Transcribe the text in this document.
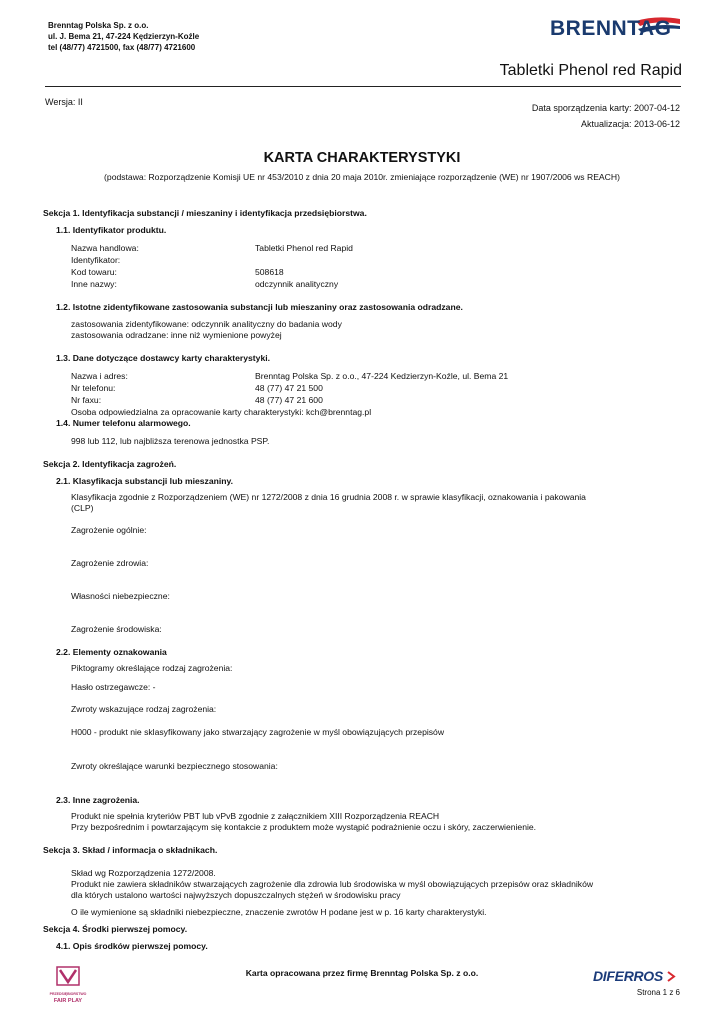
Brenntag Polska Sp. z o.o.
ul. J. Bema 21, 47-224 Kędzierzyn-Koźle
tel (48/77) 4721500, fax (48/77) 4721600
BRENNTAG
Tabletki Phenol red Rapid
Wersja: II
Data sporządzenia karty: 2007-04-12
Aktualizacja: 2013-06-12
KARTA CHARAKTERYSTYKI
(podstawa: Rozporządzenie Komisji UE nr 453/2010 z dnia 20 maja 2010r. zmieniające rozporządzenie (WE) nr 1907/2006 ws REACH)
Sekcja 1. Identyfikacja substancji / mieszaniny i identyfikacja przedsiębiorstwa.
1.1. Identyfikator produktu.
Nazwa handlowa:	Tabletki Phenol red Rapid
Identyfikator:
Kod towaru:	508618
Inne nazwy:	odczynnik analityczny
1.2. Istotne zidentyfikowane zastosowania substancji lub mieszaniny oraz zastosowania odradzane.
zastosowania zidentyfikowane: odczynnik analityczny do badania wody
zastosowania odradzane: inne niż wymienione powyżej
1.3. Dane dotyczące dostawcy karty charakterystyki.
Nazwa i adres:	Brenntag Polska Sp. z o.o., 47-224 Kedzierzyn-Koźle, ul. Bema 21
Nr telefonu:	48 (77) 47 21 500
Nr faxu:	48 (77) 47 21 600
Osoba odpowiedzialna za opracowanie karty charakterystyki: kch@brenntag.pl
1.4. Numer telefonu alarmowego.
998 lub 112, lub najbliższa terenowa jednostka PSP.
Sekcja 2. Identyfikacja zagrożeń.
2.1. Klasyfikacja substancji lub mieszaniny.
Klasyfikacja zgodnie z Rozporządzeniem (WE) nr 1272/2008 z dnia 16 grudnia 2008 r. w sprawie klasyfikacji, oznakowania i pakowania
(CLP)
Zagrożenie ogólnie:
Zagrożenie zdrowia:
Własności niebezpieczne:
Zagrożenie środowiska:
2.2. Elementy oznakowania
Piktogramy określające rodzaj zagrożenia:
Hasło ostrzegawcze: -
Zwroty wskazujące rodzaj zagrożenia:
H000 - produkt nie sklasyfikowany jako stwarzający zagrożenie w myśl obowiązujących przepisów
Zwroty określające warunki bezpiecznego stosowania:
2.3. Inne zagrożenia.
Produkt nie spełnia kryteriów PBT lub vPvB zgodnie z załącznikiem XIII Rozporządzenia REACH
Przy bezpośrednim i powtarzającym się kontakcie z produktem może wystąpić podrażnienie oczu i skóry, zaczerwienienie.
Sekcja 3. Skład / informacja o składnikach.
Skład wg Rozporządzenia 1272/2008.
Produkt nie zawiera składników stwarzających zagrożenie dla zdrowia lub środowiska w myśl obowiązujących przepisów oraz składników
dla których ustalono wartości najwyższych dopuszczalnych stężeń w środowisku pracy
O ile wymienione są składniki niebezpieczne, znaczenie zwrotów H podane jest w p. 16 karty charakterystyki.
Sekcja 4. Środki pierwszej pomocy.
4.1. Opis środków pierwszej pomocy.
PRZEDSIĘBIORSTWO
FAIR PLAY
Karta opracowana przez firmę Brenntag Polska Sp. z o.o.	DIFERROS
Strona 1 z 6
